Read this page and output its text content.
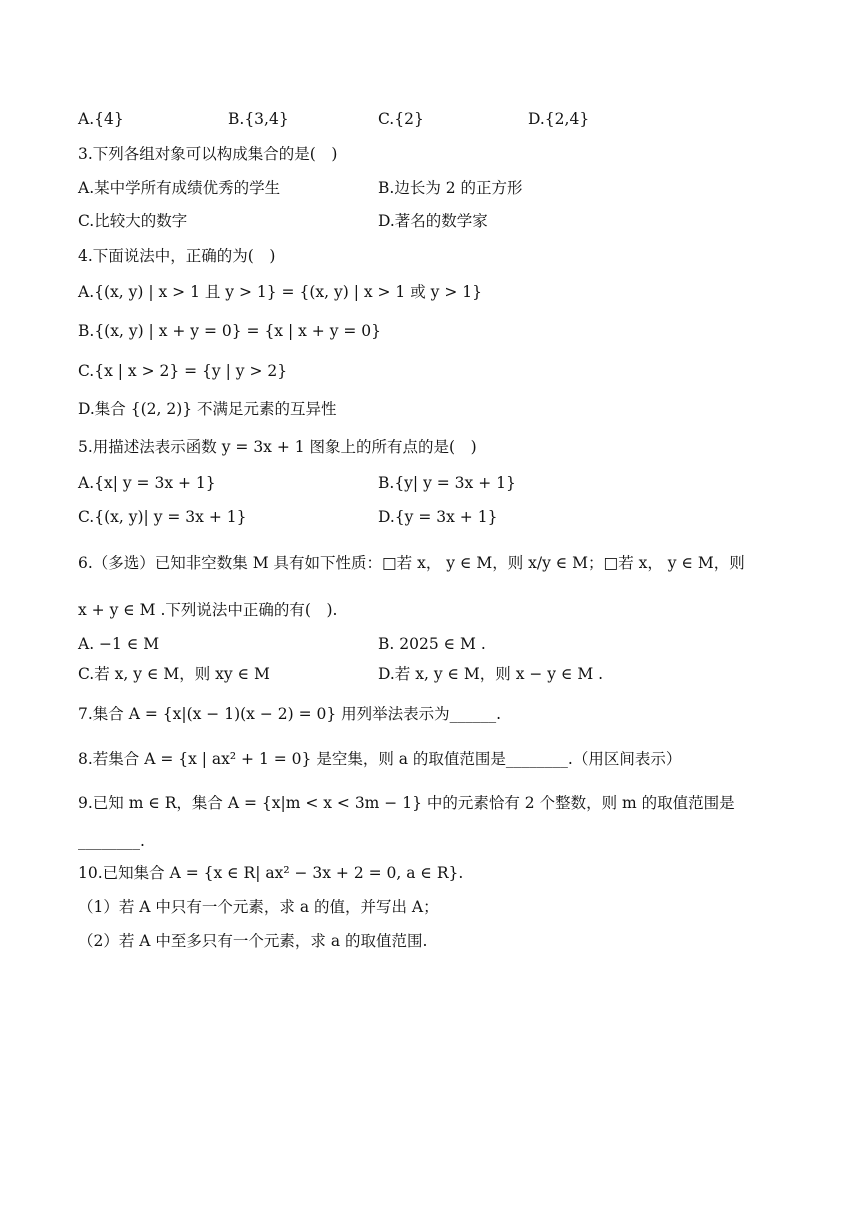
A.{4}	B.{3,4}	C.{2}	D.{2,4}
3.下列各组对象可以构成集合的是(　)
A.某中学所有成绩优秀的学生	B.边长为 2 的正方形
C.比较大的数字	D.著名的数学家
4.下面说法中，正确的为(　)
A.{(x, y) | x > 1 且 y > 1} = {(x, y) | x > 1 或 y > 1}
B.{(x, y) | x + y = 0} = {x | x + y = 0}
C.{x | x > 2} = {y | y > 2}
D.集合 {(2, 2)} 不满足元素的互异性
5.用描述法表示函数 y = 3x + 1 图象上的所有点的是(　)
A.{x| y = 3x + 1}	B.{y| y = 3x + 1}
C.{(x, y)| y = 3x + 1}	D.{y = 3x + 1}
6.（多选）已知非空数集 M 具有如下性质：□若 x， y ∈ M，则 x/y ∈ M；□若 x， y ∈ M，则
x + y ∈ M .下列说法中正确的有(　).
A. −1 ∈ M	B. 2025 ∈ M .
C.若 x, y ∈ M，则 xy ∈ M	D.若 x, y ∈ M，则 x − y ∈ M .
7.集合 A = {x|(x − 1)(x − 2) = 0} 用列举法表示为______.
8.若集合 A = {x | ax² + 1 = 0} 是空集，则 a 的取值范围是________.（用区间表示）
9.已知 m ∈ R，集合 A = {x|m < x < 3m − 1} 中的元素恰有 2 个整数，则 m 的取值范围是
________.
10.已知集合 A = {x ∈ R| ax² − 3x + 2 = 0, a ∈ R}.
（1）若 A 中只有一个元素，求 a 的值，并写出 A；
（2）若 A 中至多只有一个元素，求 a 的取值范围.
